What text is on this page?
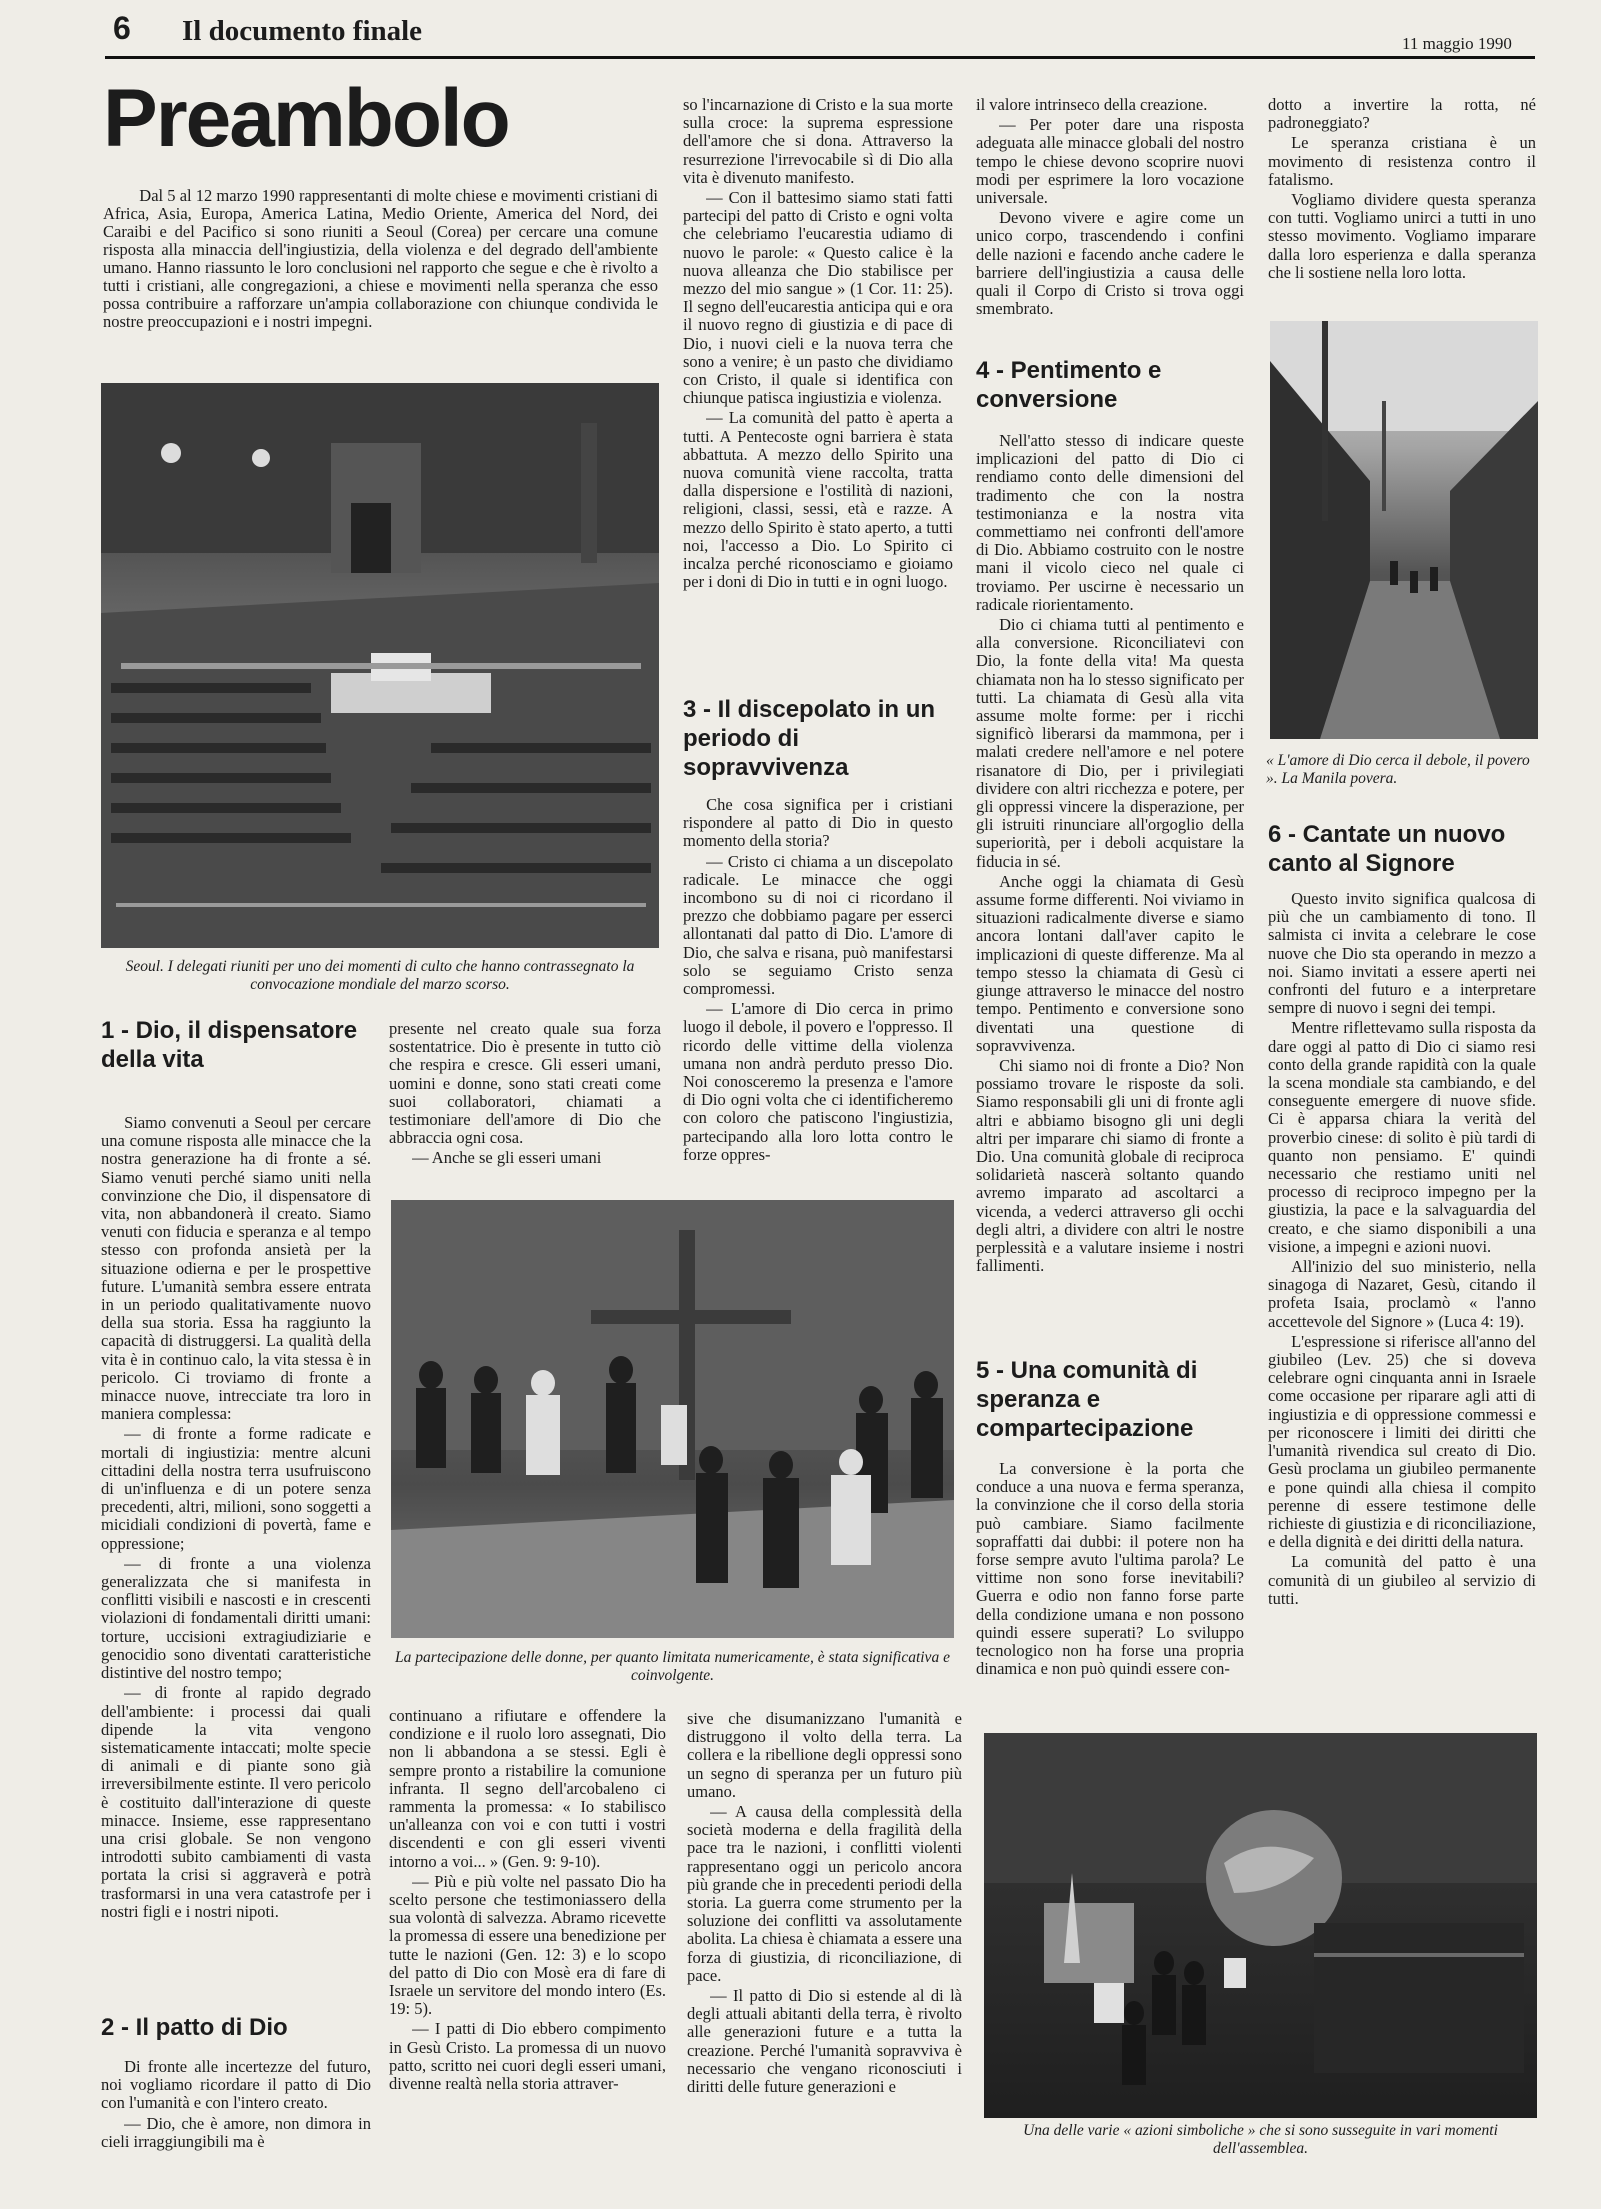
6 Il documento finale	11 maggio 1990
Preambolo

Dal 5 al 12 marzo 1990 rappresentanti di molte chiese e movimenti cristiani di Africa, Asia, Europa, America Latina, Medio Oriente, America del Nord, dei Caraibi e del Pacifico si sono riuniti a Seoul (Corea) per cercare una comune risposta alla minaccia dell'ingiustizia, della violenza e del degrado dell'ambiente umano. Hanno riassunto le loro conclusioni nel rapporto che segue e che è rivolto a tutti i cristiani, alle congregazioni, a chiese e movimenti nella speranza che esso possa contribuire a rafforzare un'ampia collaborazione con chiunque condivida le nostre preoccupazioni e i nostri impegni.

Seoul. I delegati riuniti per uno dei momenti di culto che hanno contrassegnato la convocazione mondiale del marzo scorso.
1 - Dio, il dispensatore della vita

Siamo convenuti a Seoul per cercare una comune risposta alle minacce che la nostra generazione ha di fronte a sé. Siamo venuti perché siamo uniti nella convinzione che Dio, il dispensatore di vita, non abbandonerà il creato. Siamo venuti con fiducia e speranza e al tempo stesso con profonda ansietà per la situazione odierna e per le prospettive future. L'umanità sembra essere entrata in un periodo qualitativamente nuovo della sua storia. Essa ha raggiunto la capacità di distruggersi. La qualità della vita è in continuo calo, la vita stessa è in pericolo. Ci troviamo di fronte a minacce nuove, intrecciate tra loro in maniera complessa:

— di fronte a forme radicate e mortali di ingiustizia: mentre alcuni cittadini della nostra terra usufruiscono di un'influenza e di un potere senza precedenti, altri, milioni, sono soggetti a micidiali condizioni di povertà, fame e oppressione;

— di fronte a una violenza generalizzata che si manifesta in conflitti visibili e nascosti e in crescenti violazioni di fondamentali diritti umani: torture, uccisioni extragiudiziarie e genocidio sono diventati caratteristiche distintive del nostro tempo;

— di fronte al rapido degrado dell'ambiente: i processi dai quali dipende la vita vengono sistematicamente intaccati; molte specie di animali e di piante sono già irreversibilmente estinte. Il vero pericolo è costituito dall'interazione di queste minacce. Insieme, esse rappresentano una crisi globale. Se non vengono introdotti subito cambiamenti di vasta portata la crisi si aggraverà e potrà trasformarsi in una vera catastrofe per i nostri figli e i nostri nipoti.

2 - Il patto di Dio

Di fronte alle incertezze del futuro, noi vogliamo ricordare il patto di Dio con l'umanità e con l'intero creato.

— Dio, che è amore, non dimora in cieli irraggiungibili ma è

presente nel creato quale sua forza sostentatrice. Dio è presente in tutto ciò che respira e cresce. Gli esseri umani, uomini e donne, sono stati creati come suoi collaboratori, chiamati a testimoniare dell'amore di Dio che abbraccia ogni cosa.

— Anche se gli esseri umani

La partecipazione delle donne, per quanto limitata numericamente, è stata significativa e coinvolgente.

continuano a rifiutare e offendere la condizione e il ruolo loro assegnati, Dio non li abbandona a se stessi. Egli è sempre pronto a ristabilire la comunione infranta. Il segno dell'arcobaleno ci rammenta la promessa: « Io stabilisco un'alleanza con voi e con tutti i vostri discendenti e con gli esseri viventi intorno a voi... » (Gen. 9: 9-10).

— Più e più volte nel passato Dio ha scelto persone che testimoniassero della sua volontà di salvezza. Abramo ricevette la promessa di essere una benedizione per tutte le nazioni (Gen. 12: 3) e lo scopo del patto di Dio con Mosè era di fare di Israele un servitore del mondo intero (Es. 19: 5).

— I patti di Dio ebbero compimento in Gesù Cristo. La promessa di un nuovo patto, scritto nei cuori degli esseri umani, divenne realtà nella storia attraver-

so l'incarnazione di Cristo e la sua morte sulla croce: la suprema espressione dell'amore che si dona. Attraverso la resurrezione l'irrevocabile sì di Dio alla vita è divenuto manifesto.

— Con il battesimo siamo stati fatti partecipi del patto di Cristo e ogni volta che celebriamo l'eucarestia udiamo di nuovo le parole: « Questo calice è la nuova alleanza che Dio stabilisce per mezzo del mio sangue » (1 Cor. 11: 25). Il segno dell'eucarestia anticipa qui e ora il nuovo regno di giustizia e di pace di Dio, i nuovi cieli e la nuova terra che sono a venire; è un pasto che dividiamo con Cristo, il quale si identifica con chiunque patisca ingiustizia e violenza.

— La comunità del patto è aperta a tutti. A Pentecoste ogni barriera è stata abbattuta. A mezzo dello Spirito una nuova comunità viene raccolta, tratta dalla dispersione e l'ostilità di nazioni, religioni, classi, sessi, età e razze. A mezzo dello Spirito è stato aperto, a tutti noi, l'accesso a Dio. Lo Spirito ci incalza perché riconosciamo e gioiamo per i doni di Dio in tutti e in ogni luogo.

3 - Il discepolato in un periodo di sopravvivenza

Che cosa significa per i cristiani rispondere al patto di Dio in questo momento della storia?

— Cristo ci chiama a un discepolato radicale. Le minacce che oggi incombono su di noi ci ricordano il prezzo che dobbiamo pagare per esserci allontanati dal patto di Dio. L'amore di Dio, che salva e risana, può manifestarsi solo se seguiamo Cristo senza compromessi.

— L'amore di Dio cerca in primo luogo il debole, il povero e l'oppresso. Il ricordo delle vittime della violenza umana non andrà perduto presso Dio. Noi conosceremo la presenza e l'amore di Dio ogni volta che ci identificheremo con coloro che patiscono l'ingiustizia, partecipando alla loro lotta contro le forze oppres-

sive che disumanizzano l'umanità e distruggono il volto della terra. La collera e la ribellione degli oppressi sono un segno di speranza per un futuro più umano.

— A causa della complessità della società moderna e della fragilità della pace tra le nazioni, i conflitti violenti rappresentano oggi un pericolo ancora più grande che in precedenti periodi della storia. La guerra come strumento per la soluzione dei conflitti va assolutamente abolita. La chiesa è chiamata a essere una forza di giustizia, di riconciliazione, di pace.

— Il patto di Dio si estende al di là degli attuali abitanti della terra, è rivolto alle generazioni future e a tutta la creazione. Perché l'umanità sopravviva è necessario che vengano riconosciuti i diritti delle future generazioni e

il valore intrinseco della creazione.

— Per poter dare una risposta adeguata alle minacce globali del nostro tempo le chiese devono scoprire nuovi modi per esprimere la loro vocazione universale.

Devono vivere e agire come un unico corpo, trascendendo i confini delle nazioni e facendo anche cadere le barriere dell'ingiustizia a causa delle quali il Corpo di Cristo si trova oggi smembrato.

4 - Pentimento e conversione

Nell'atto stesso di indicare queste implicazioni del patto di Dio ci rendiamo conto delle dimensioni del tradimento che con la nostra testimonianza e la nostra vita commettiamo nei confronti dell'amore di Dio. Abbiamo costruito con le nostre mani il vicolo cieco nel quale ci troviamo. Per uscirne è necessario un radicale riorientamento.

Dio ci chiama tutti al pentimento e alla conversione. Riconciliatevi con Dio, la fonte della vita! Ma questa chiamata non ha lo stesso significato per tutti. La chiamata di Gesù alla vita assume molte forme: per i ricchi significò liberarsi da mammona, per i malati credere nell'amore e nel potere risanatore di Dio, per i privilegiati dividere con altri ricchezza e potere, per gli oppressi vincere la disperazione, per gli istruiti rinunciare all'orgoglio della superiorità, per i deboli acquistare la fiducia in sé.

Anche oggi la chiamata di Gesù assume forme differenti. Noi viviamo in situazioni radicalmente diverse e siamo ancora lontani dall'aver capito le implicazioni di queste differenze. Ma al tempo stesso la chiamata di Gesù ci giunge attraverso le minacce del nostro tempo. Pentimento e conversione sono diventati una questione di sopravvivenza.

Chi siamo noi di fronte a Dio? Non possiamo trovare le risposte da soli. Siamo responsabili gli uni di fronte agli altri e abbiamo bisogno gli uni degli altri per imparare chi siamo di fronte a Dio. Una comunità globale di reciproca solidarietà nascerà soltanto quando avremo imparato ad ascoltarci a vicenda, a vederci attraverso gli occhi degli altri, a dividere con altri le nostre perplessità e a valutare insieme i nostri fallimenti.

5 - Una comunità di speranza e compartecipazione

La conversione è la porta che conduce a una nuova e ferma speranza, la convinzione che il corso della storia può cambiare. Siamo facilmente sopraffatti dai dubbi: il potere non ha forse sempre avuto l'ultima parola? Le vittime non sono forse inevitabili? Guerra e odio non fanno forse parte della condizione umana e non possono quindi essere superati? Lo sviluppo tecnologico non ha forse una propria dinamica e non può quindi essere con-

dotto a invertire la rotta, né padroneggiato?

Le speranza cristiana è un movimento di resistenza contro il fatalismo.

Vogliamo dividere questa speranza con tutti. Vogliamo unirci a tutti in uno stesso movimento. Vogliamo imparare dalla loro esperienza e dalla speranza che li sostiene nella loro lotta.

« L'amore di Dio cerca il debole, il povero ». La Manila povera.
6 - Cantate un nuovo canto al Signore

Questo invito significa qualcosa di più che un cambiamento di tono. Il salmista ci invita a celebrare le cose nuove che Dio sta operando in mezzo a noi. Siamo invitati a essere aperti nei confronti del futuro e a interpretare sempre di nuovo i segni dei tempi.

Mentre riflettevamo sulla risposta da dare oggi al patto di Dio ci siamo resi conto della grande rapidità con la quale la scena mondiale sta cambiando, e del conseguente emergere di nuove sfide. Ci è apparsa chiara la verità del proverbio cinese: di solito è più tardi di quanto non pensiamo. E' quindi necessario che restiamo uniti nel processo di reciproco impegno per la giustizia, la pace e la salvaguardia del creato, e che siamo disponibili a una visione, a impegni e azioni nuovi.

All'inizio del suo ministerio, nella sinagoga di Nazaret, Gesù, citando il profeta Isaia, proclamò « l'anno accettevole del Signore » (Luca 4: 19).

L'espressione si riferisce all'anno del giubileo (Lev. 25) che si doveva celebrare ogni cinquanta anni in Israele come occasione per riparare agli atti di ingiustizia e di oppressione commessi e per riconoscere i limiti dei diritti che l'umanità rivendica sul creato di Dio. Gesù proclama un giubileo permanente e pone quindi alla chiesa il compito perenne di essere testimone delle richieste di giustizia e di riconciliazione, e della dignità e dei diritti della natura.

La comunità del patto è una comunità di un giubileo al servizio di tutti.

Una delle varie « azioni simboliche » che si sono susseguite in vari momenti dell'assemblea.
